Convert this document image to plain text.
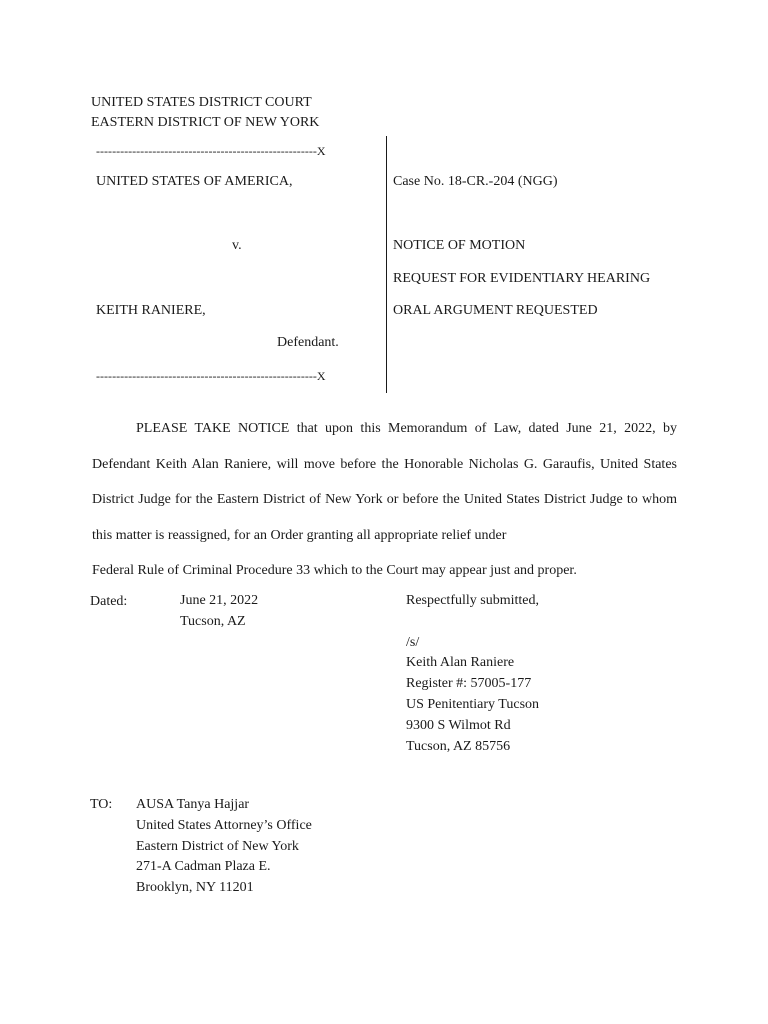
UNITED STATES DISTRICT COURT
EASTERN DISTRICT OF NEW YORK
-------------------------------------------------------X
UNITED STATES OF AMERICA,
v.
KEITH RANIERE,
Defendant.
-------------------------------------------------------X
Case No. 18-CR.-204 (NGG)
NOTICE OF MOTION
REQUEST FOR EVIDENTIARY HEARING
ORAL ARGUMENT REQUESTED

PLEASE TAKE NOTICE that upon this Memorandum of Law, dated June 21, 2022, by Defendant Keith Alan Raniere, will move before the Honorable Nicholas G. Garaufis, United States District Judge for the Eastern District of New York or before the United States District Judge to whom this matter is reassigned, for an Order granting all appropriate relief under
Federal Rule of Criminal Procedure 33 which to the Court may appear just and proper.

Dated:	June 21, 2022
Tucson, AZ
Respectfully submitted,
/s/
Keith Alan Raniere
Register #: 57005-177
US Penitentiary Tucson
9300 S Wilmot Rd
Tucson, AZ 85756
TO: AUSA Tanya Hajjar
United States Attorney’s Office
Eastern District of New York
271-A Cadman Plaza E.
Brooklyn, NY 11201
